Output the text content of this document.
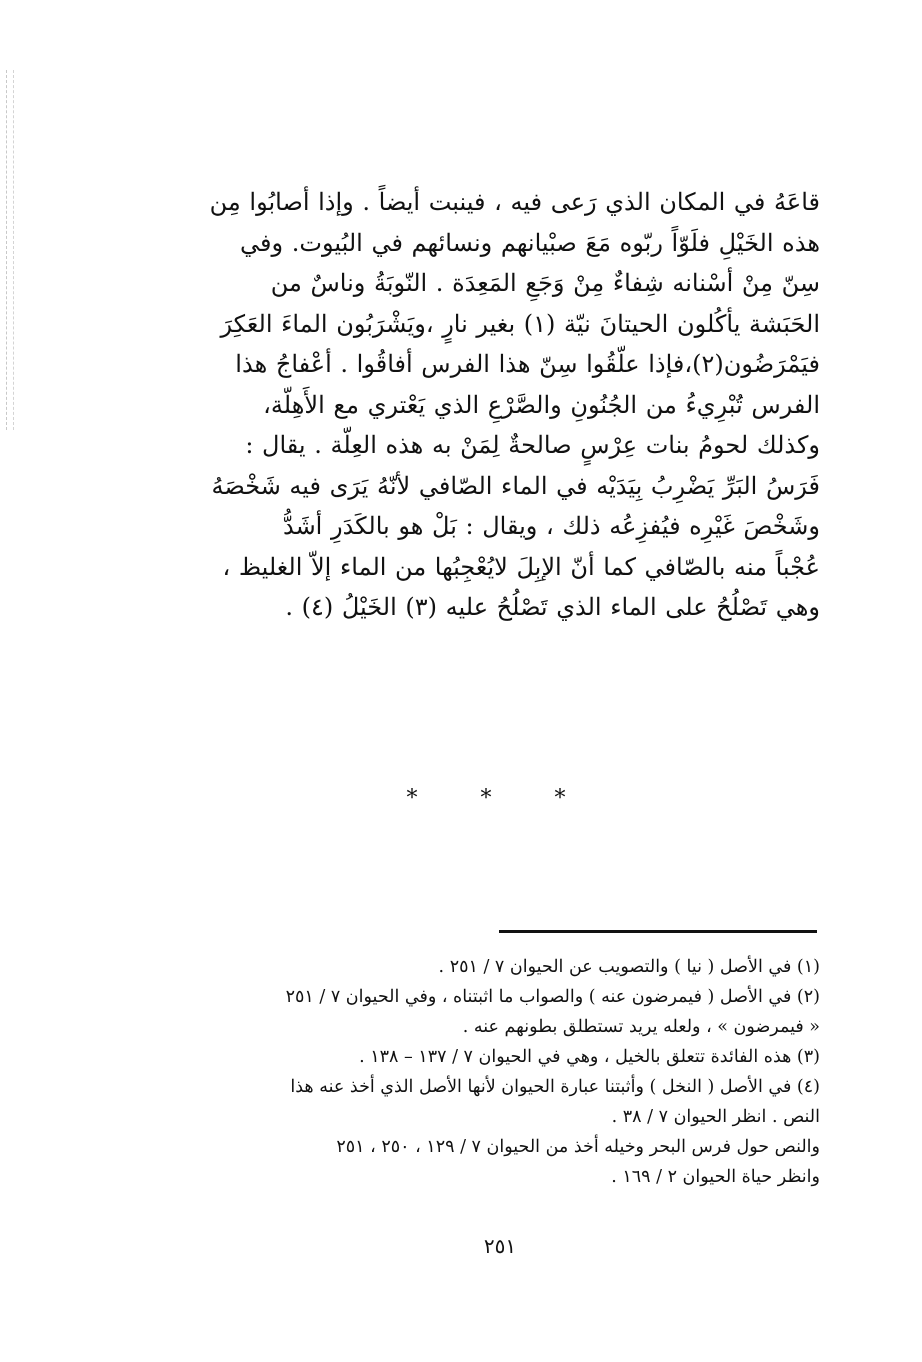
قاعَهُ في المكان الذي رَعى فيه ، فينبت أيضاً . وإذا أصابُوا مِن

هذه الخَيْلِ فلَوّاً ربّوه مَعَ صبْيانهم ونسائهم في البُيوت. وفي

سِنّ مِنْ أسْنانه شِفاءٌ مِنْ وَجَعِ المَعِدَة . النّوبَةُ وناسٌ من

الحَبَشة يأكُلون الحيتانَ نيّة (١) بغير نارٍ ،ويَشْرَبُون الماءَ العَكِرَ

فيَمْرَضُون(٢)،فإذا علّقُوا سِنّ هذا الفرس أفاقُوا . أعْفاجُ هذا

الفرس تُبْرِيءُ من الجُنُونِ والصَّرْعِ الذي يَعْتري مع الأَهِلّة،

وكذلك لحومُ بنات عِرْسٍ صالحةٌ لِمَنْ به هذه العِلّة . يقال :

فَرَسُ البَرِّ يَضْرِبُ بِيَدَيْه في الماء الصّافي لأنّهُ يَرَى فيه شَخْصَهُ

وشَخْصَ غَيْرِه فيُفزِعُه ذلك ، ويقال : بَلْ هو بالكَدَرِ أشَدُّ

عُجْباً منه بالصّافي كما أنّ الإبِلَ لايُعْجِبُها من الماء إلاّ الغليظ ،

وهي تَصْلُحُ على الماء الذي تَصْلُحُ عليه (٣) الخَيْلُ (٤) .

* * *

(١) في الأصل ( نيا ) والتصويب عن الحيوان ٧ / ٢٥١ .

(٢) في الأصل ( فيمرضون عنه ) والصواب ما اثبتناه ، وفي الحيوان ٧ / ٢٥١

« فيمرضون » ، ولعله يريد تستطلق بطونهم عنه .

(٣) هذه الفائدة تتعلق بالخيل ، وهي في الحيوان ٧ / ١٣٧ – ١٣٨ .

(٤) في الأصل ( النخل ) وأثبتنا عبارة الحيوان لأنها الأصل الذي أخذ عنه هذا

النص . انظر الحيوان ٧ / ٣٨ .

والنص حول فرس البحر وخيله أخذ من الحيوان ٧ / ١٢٩ ، ٢٥٠ ، ٢٥١

وانظر حياة الحيوان ٢ / ١٦٩ .

٢٥١
